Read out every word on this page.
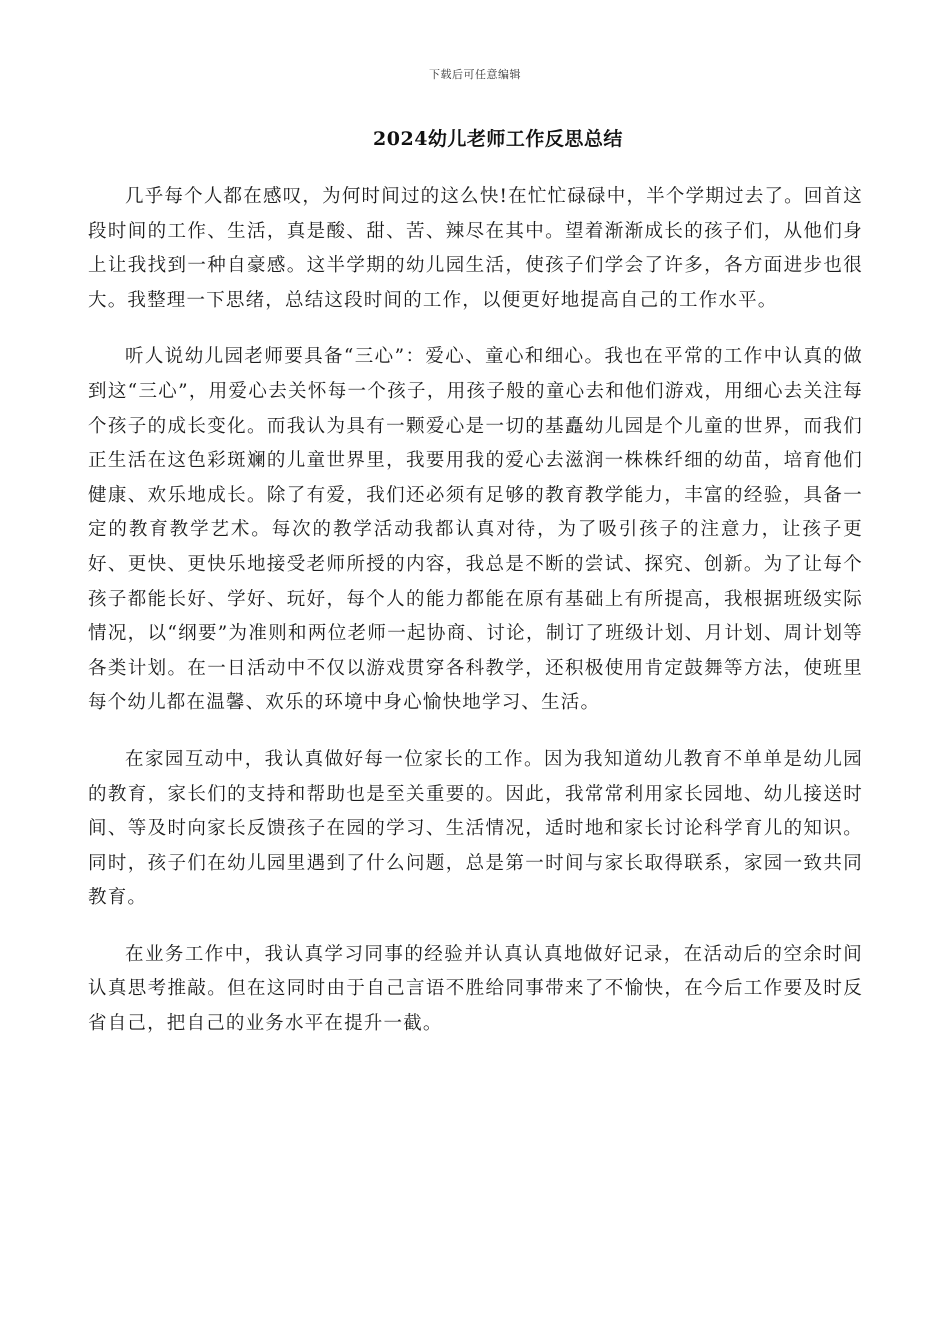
下载后可任意编辑
2024幼儿老师工作反思总结

几乎每个人都在感叹，为何时间过的这么快!在忙忙碌碌中，半个学期过去了。回首这段时间的工作、生活，真是酸、甜、苦、辣尽在其中。望着渐渐成长的孩子们，从他们身上让我找到一种自豪感。这半学期的幼儿园生活，使孩子们学会了许多，各方面进步也很大。我整理一下思绪，总结这段时间的工作，以便更好地提高自己的工作水平。

听人说幼儿园老师要具备“三心”：爱心、童心和细心。我也在平常的工作中认真的做到这“三心”，用爱心去关怀每一个孩子，用孩子般的童心去和他们游戏，用细心去关注每个孩子的成长变化。而我认为具有一颗爱心是一切的基矗幼儿园是个儿童的世界，而我们正生活在这色彩斑斓的儿童世界里，我要用我的爱心去滋润一株株纤细的幼苗，培育他们健康、欢乐地成长。除了有爱，我们还必须有足够的教育教学能力，丰富的经验，具备一定的教育教学艺术。每次的教学活动我都认真对待，为了吸引孩子的注意力，让孩子更好、更快、更快乐地接受老师所授的内容，我总是不断的尝试、探究、创新。为了让每个孩子都能长好、学好、玩好，每个人的能力都能在原有基础上有所提高，我根据班级实际情况，以“纲要”为准则和两位老师一起协商、讨论，制订了班级计划、月计划、周计划等各类计划。在一日活动中不仅以游戏贯穿各科教学，还积极使用肯定鼓舞等方法，使班里每个幼儿都在温馨、欢乐的环境中身心愉快地学习、生活。

在家园互动中，我认真做好每一位家长的工作。因为我知道幼儿教育不单单是幼儿园的教育，家长们的支持和帮助也是至关重要的。因此，我常常利用家长园地、幼儿接送时间、等及时向家长反馈孩子在园的学习、生活情况，适时地和家长讨论科学育儿的知识。同时，孩子们在幼儿园里遇到了什么问题，总是第一时间与家长取得联系，家园一致共同教育。

在业务工作中，我认真学习同事的经验并认真认真地做好记录，在活动后的空余时间认真思考推敲。但在这同时由于自己言语不胜给同事带来了不愉快，在今后工作要及时反省自己，把自己的业务水平在提升一截。
